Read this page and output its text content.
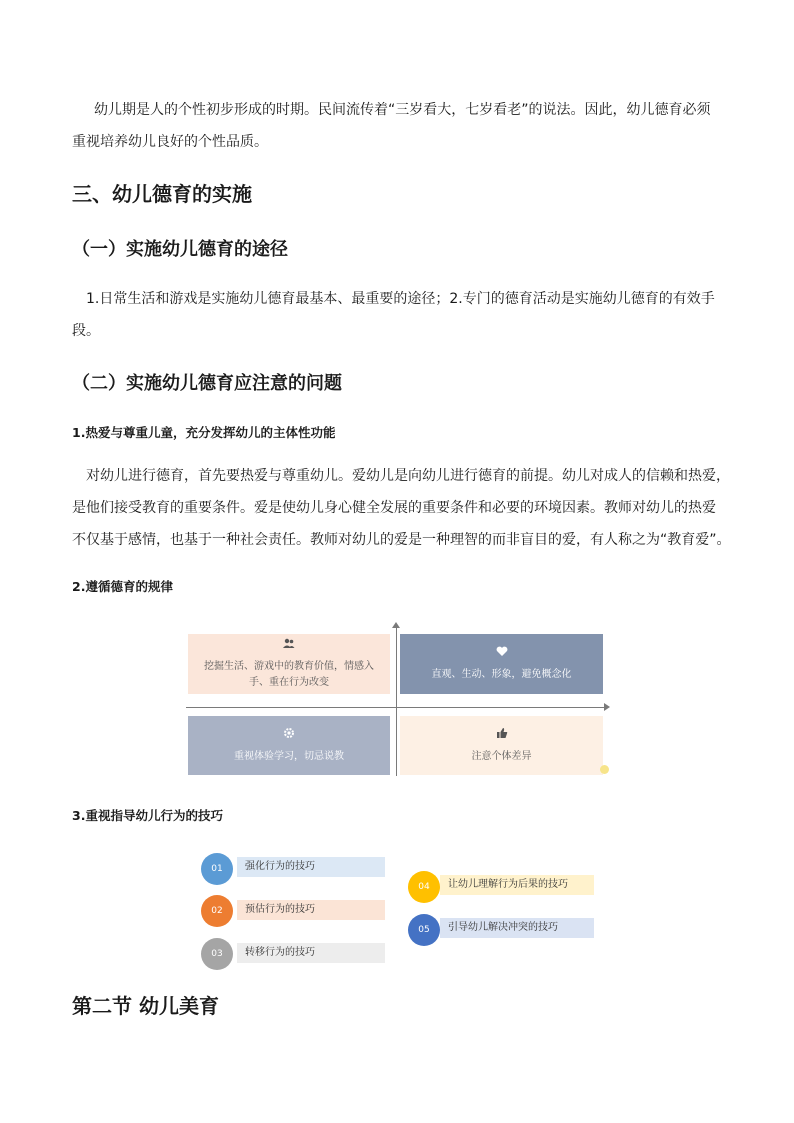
幼儿期是人的个性初步形成的时期。民间流传着“三岁看大，七岁看老”的说法。因此，幼儿德育必须
重视培养幼儿良好的个性品质。
三、幼儿德育的实施
（一）实施幼儿德育的途径
1.日常生活和游戏是实施幼儿德育最基本、最重要的途径；2.专门的德育活动是实施幼儿德育的有效手
段。
（二）实施幼儿德育应注意的问题
1.热爱与尊重儿童，充分发挥幼儿的主体性功能
对幼儿进行德育，首先要热爱与尊重幼儿。爱幼儿是向幼儿进行德育的前提。幼儿对成人的信赖和热爱，
是他们接受教育的重要条件。爱是使幼儿身心健全发展的重要条件和必要的环境因素。教师对幼儿的热爱
不仅基于感情，也基于一种社会责任。教师对幼儿的爱是一种理智的而非盲目的爱，有人称之为“教育爱”。
2.遵循德育的规律
挖掘生活、游戏中的教育价值，情感入手、重在行为改变
直观、生动、形象，避免概念化
重视体验学习，切忌说教	注意个体差异
3.重视指导幼儿行为的技巧
强化行为的技巧
01
预估行为的技巧
02
转移行为的技巧
03
让幼儿理解行为后果的技巧
04
引导幼儿解决冲突的技巧
05
第二节 幼儿美育
